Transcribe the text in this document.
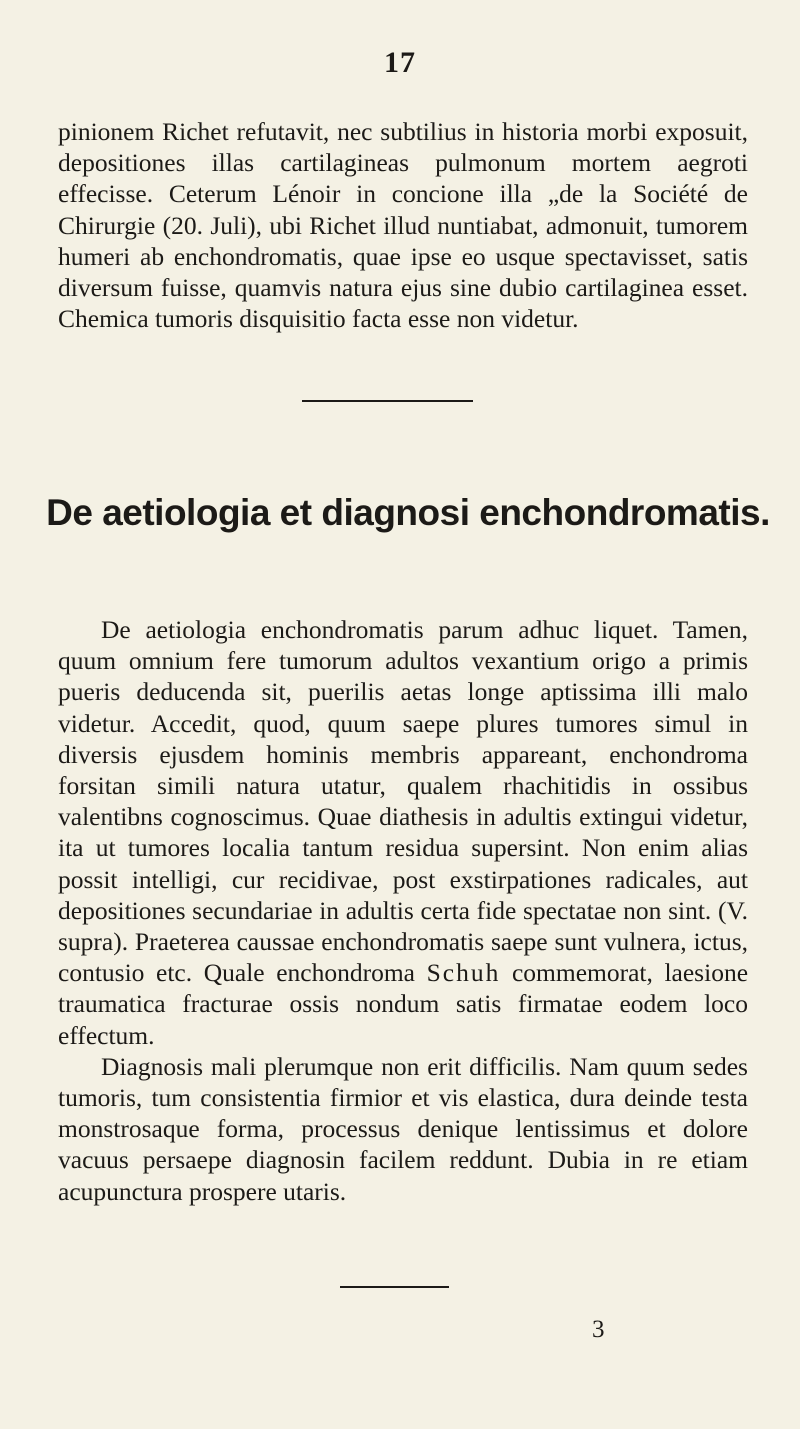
17

pinionem Richet refutavit, nec subtilius in historia morbi exposuit, depositiones illas cartilagineas pulmonum mortem aegroti effecisse. Ceterum Lénoir in concione illa „de la Société de Chirurgie (20. Juli), ubi Richet illud nuntiabat, admonuit, tumorem humeri ab enchondromatis, quae ipse eo usque spectavisset, satis diversum fuisse, quamvis natura ejus sine dubio cartilaginea esset. Chemica tumoris disquisitio facta esse non videtur.

De aetiologia et diagnosi enchondromatis.

De aetiologia enchondromatis parum adhuc liquet. Tamen, quum omnium fere tumorum adultos vexantium origo a primis pueris deducenda sit, puerilis aetas longe aptissima illi malo videtur. Accedit, quod, quum saepe plures tumores simul in diversis ejusdem hominis membris appareant, enchondroma forsitan simili natura utatur, qualem rhachitidis in ossibus valentibns cognoscimus. Quae diathesis in adultis extingui videtur, ita ut tumores localia tantum residua supersint. Non enim alias possit intelligi, cur recidivae, post exstirpationes radicales, aut depositiones secundariae in adultis certa fide spectatae non sint. (V. supra). Praeterea caussae enchondromatis saepe sunt vulnera, ictus, contusio etc. Quale enchondroma Schuh commemorat, laesione traumatica fracturae ossis nondum satis firmatae eodem loco effectum.

Diagnosis mali plerumque non erit difficilis. Nam quum sedes tumoris, tum consistentia firmior et vis elastica, dura deinde testa monstrosaque forma, processus denique lentissimus et dolore vacuus persaepe diagnosin facilem reddunt. Dubia in re etiam acupunctura prospere utaris.

3
